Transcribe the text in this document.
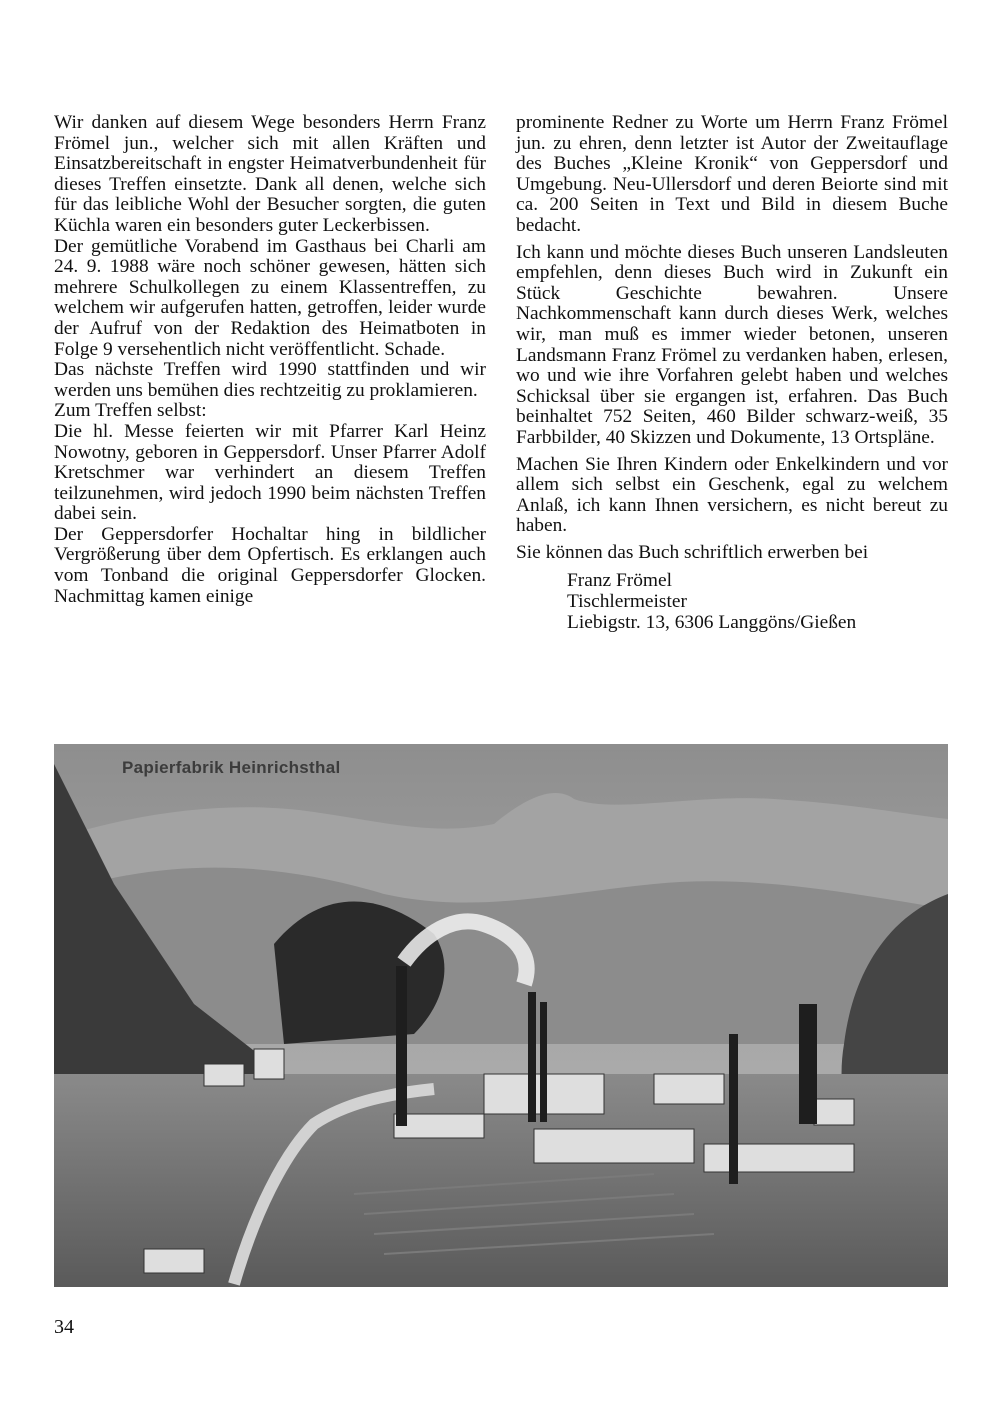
Wir danken auf diesem Wege besonders Herrn Franz Frömel jun., welcher sich mit allen Kräften und Einsatzbereitschaft in engster Heimatverbundenheit für dieses Treffen einsetzte. Dank all denen, welche sich für das leibliche Wohl der Besucher sorgten, die guten Küchla waren ein besonders guter Leckerbissen.

Der gemütliche Vorabend im Gasthaus bei Charli am 24. 9. 1988 wäre noch schöner gewesen, hätten sich mehrere Schulkollegen zu einem Klassentreffen, zu welchem wir aufgerufen hatten, getroffen, leider wurde der Aufruf von der Redaktion des Heimatboten in Folge 9 versehentlich nicht veröffentlicht. Schade.

Das nächste Treffen wird 1990 stattfinden und wir werden uns bemühen dies rechtzeitig zu proklamieren.

Zum Treffen selbst:

Die hl. Messe feierten wir mit Pfarrer Karl Heinz Nowotny, geboren in Geppersdorf. Unser Pfarrer Adolf Kretschmer war verhindert an diesem Treffen teilzunehmen, wird jedoch 1990 beim nächsten Treffen dabei sein.

Der Geppersdorfer Hochaltar hing in bildlicher Vergrößerung über dem Opfertisch. Es erklangen auch vom Tonband die original Geppersdorfer Glocken. Nachmittag kamen einige

prominente Redner zu Worte um Herrn Franz Frömel jun. zu ehren, denn letzter ist Autor der Zweitauflage des Buches „Kleine Kronik“ von Geppersdorf und Umgebung. Neu-Ullersdorf und deren Beiorte sind mit ca. 200 Seiten in Text und Bild in diesem Buche bedacht.

Ich kann und möchte dieses Buch unseren Landsleuten empfehlen, denn dieses Buch wird in Zukunft ein Stück Geschichte bewahren. Unsere Nachkommenschaft kann durch dieses Werk, welches wir, man muß es immer wieder betonen, unseren Landsmann Franz Frömel zu verdanken haben, erlesen, wo und wie ihre Vorfahren gelebt haben und welches Schicksal über sie ergangen ist, erfahren. Das Buch beinhaltet 752 Seiten, 460 Bilder schwarz-weiß, 35 Farbbilder, 40 Skizzen und Dokumente, 13 Ortspläne.

Machen Sie Ihren Kindern oder Enkelkindern und vor allem sich selbst ein Geschenk, egal zu welchem Anlaß, ich kann Ihnen versichern, es nicht bereut zu haben.

Sie können das Buch schriftlich erwerben bei

Franz Frömel
Tischlermeister
Liebigstr. 13, 6306 Langgöns/Gießen
Papierfabrik Heinrichsthal
34
